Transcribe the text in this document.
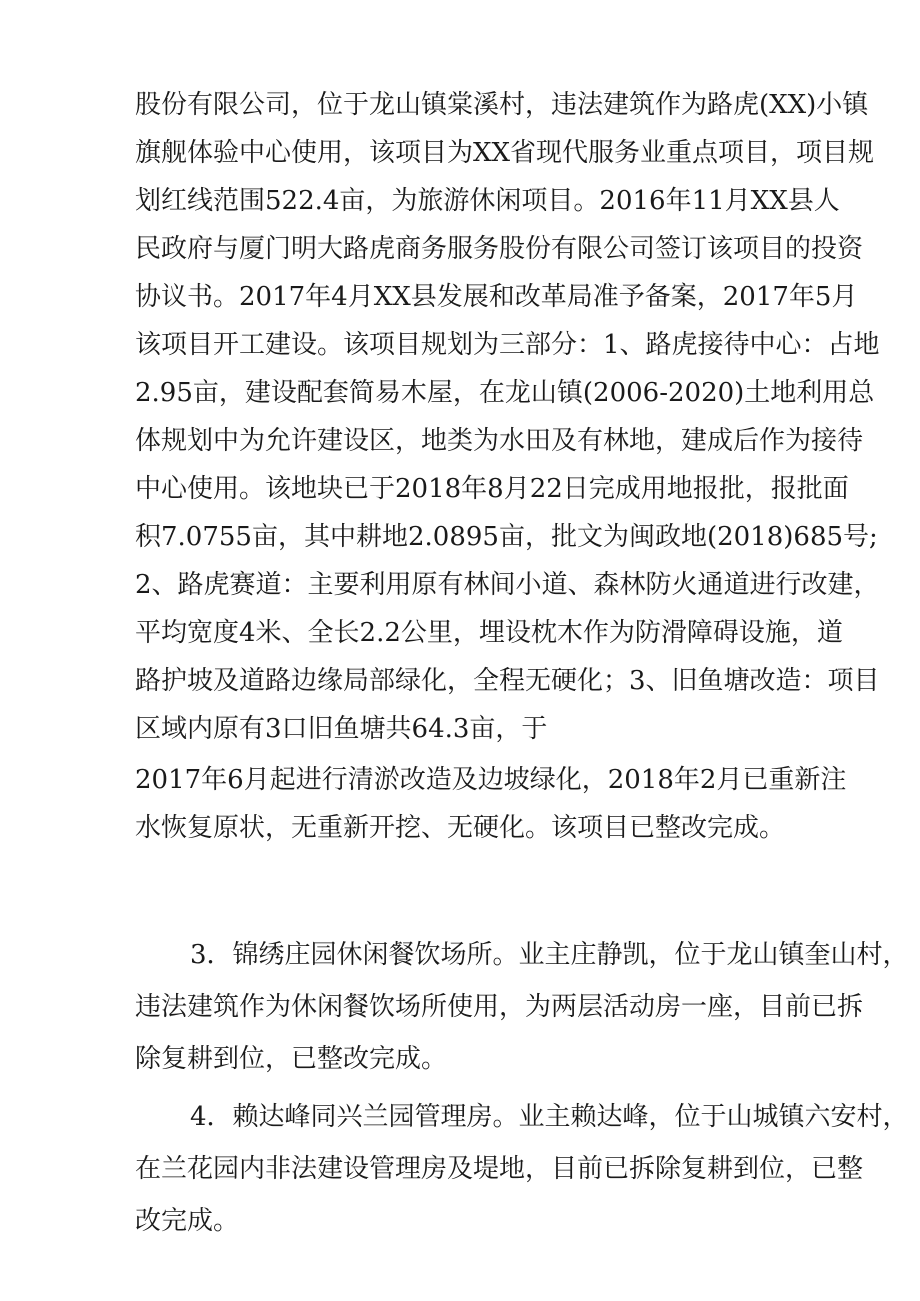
股份有限公司，位于龙山镇棠溪村，违法建筑作为路虎(XX)小镇
旗舰体验中心使用，该项目为XX省现代服务业重点项目，项目规
划红线范围522.4亩，为旅游休闲项目。2016年11月XX县人
民政府与厦门明大路虎商务服务股份有限公司签订该项目的投资
协议书。2017年4月XX县发展和改革局准予备案，2017年5月
该项目开工建设。该项目规划为三部分：1、路虎接待中心：占地
2.95亩，建设配套简易木屋，在龙山镇(2006-2020)土地利用总
体规划中为允许建设区，地类为水田及有林地，建成后作为接待
中心使用。该地块已于2018年8月22日完成用地报批，报批面
积7.0755亩，其中耕地2.0895亩，批文为闽政地(2018)685号;
2、路虎赛道：主要利用原有林间小道、森林防火通道进行改建，
平均宽度4米、全长2.2公里，埋设枕木作为防滑障碍设施，道
路护坡及道路边缘局部绿化，全程无硬化；3、旧鱼塘改造：项目
区域内原有3口旧鱼塘共64.3亩，于
2017年6月起进行清淤改造及边坡绿化，2018年2月已重新注
水恢复原状，无重新开挖、无硬化。该项目已整改完成。
3．锦绣庄园休闲餐饮场所。业主庄静凯，位于龙山镇奎山村，
违法建筑作为休闲餐饮场所使用，为两层活动房一座，目前已拆
除复耕到位，已整改完成。
4．赖达峰同兴兰园管理房。业主赖达峰，位于山城镇六安村，
在兰花园内非法建设管理房及堤地，目前已拆除复耕到位，已整
改完成。
